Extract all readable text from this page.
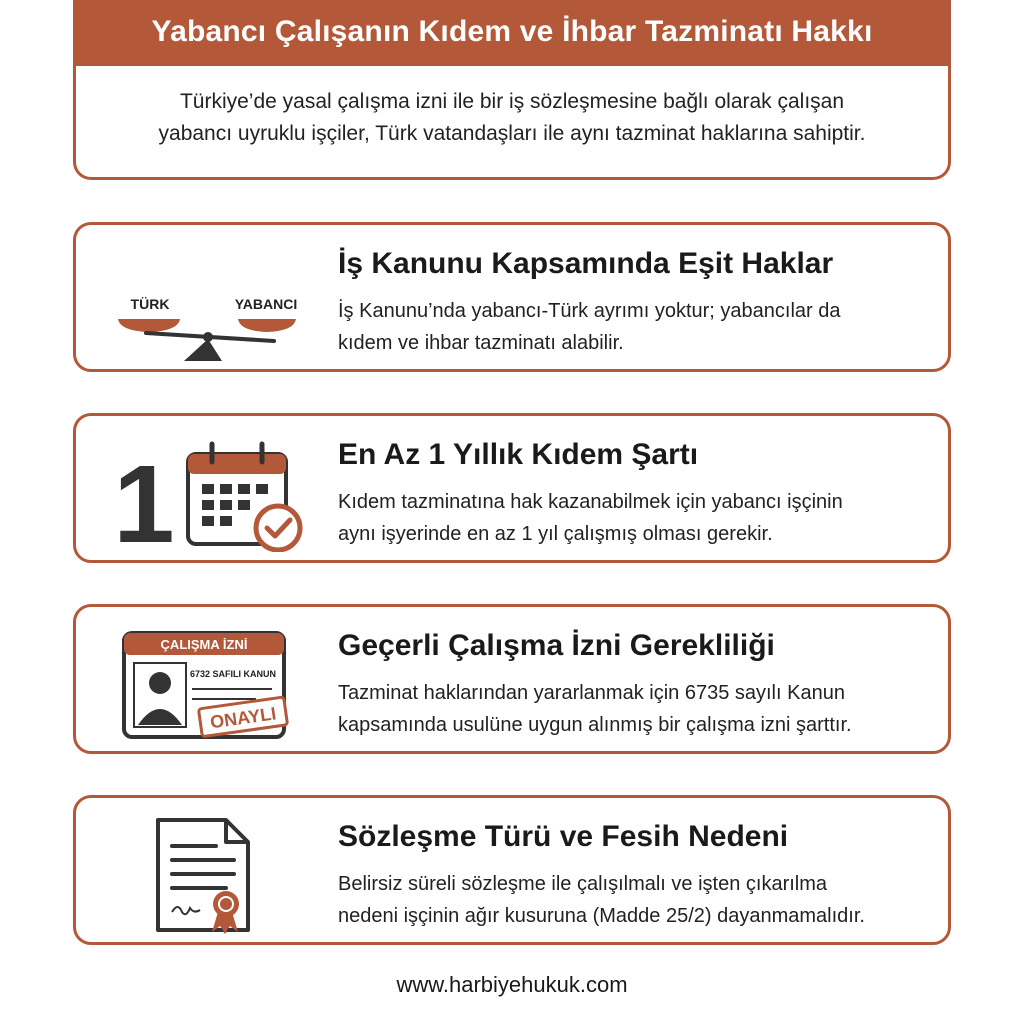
Yabancı Çalışanın Kıdem ve İhbar Tazminatı Hakkı
Türkiye’de yasal çalışma izni ile bir iş sözleşmesine bağlı olarak çalışan
yabancı uyruklu işçiler, Türk vatandaşları ile aynı tazminat haklarına sahiptir.
TÜRK	YABANCI
İş Kanunu Kapsamında Eşit Haklar
İş Kanunu’nda yabancı-Türk ayrımı yoktur; yabancılar da
kıdem ve ihbar tazminatı alabilir.
1	En Az 1 Yıllık Kıdem Şartı
Kıdem tazminatına hak kazanabilmek için yabancı işçinin
aynı işyerinde en az 1 yıl çalışmış olması gerekir.
ÇALIŞMA İZNİ
6732 SAFILI KANUN
ONAYLI
Geçerli Çalışma İzni Gerekliliği
Tazminat haklarından yararlanmak için 6735 sayılı Kanun
kapsamında usulüne uygun alınmış bir çalışma izni şarttır.
Sözleşme Türü ve Fesih Nedeni
Belirsiz süreli sözleşme ile çalışılmalı ve işten çıkarılma
nedeni işçinin ağır kusuruna (Madde 25/2) dayanmamalıdır.
www.harbiyehukuk.com
